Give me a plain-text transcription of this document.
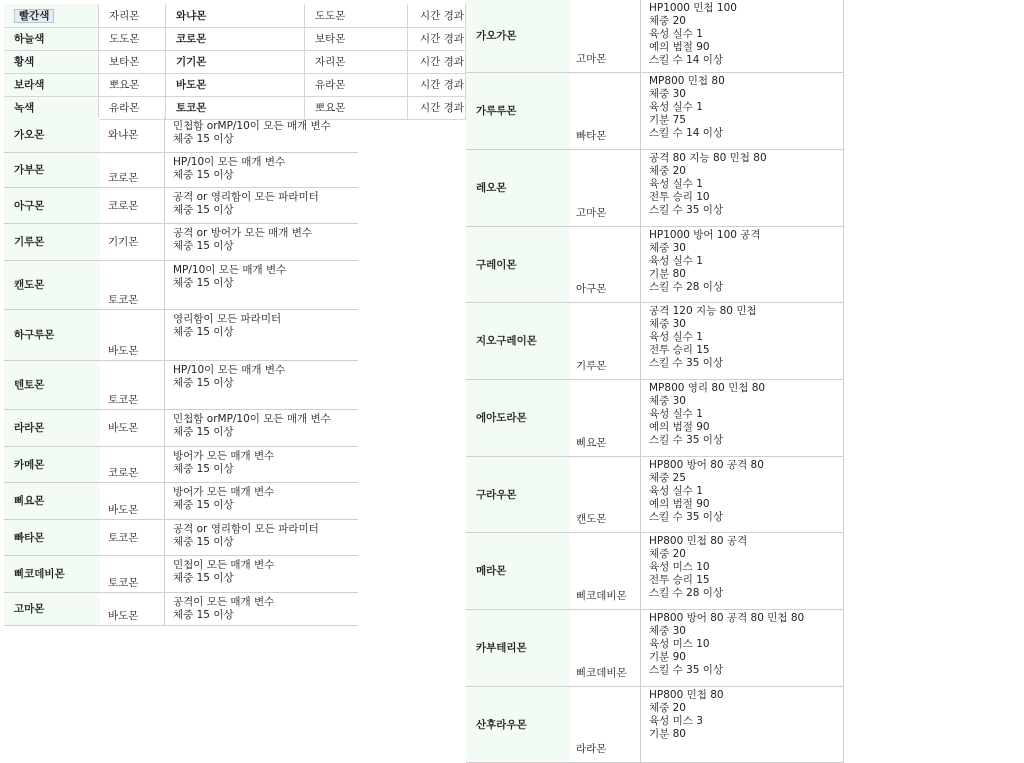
빨간색	자리몬	와냐몬	도도몬	시간 경과
하늘색	도도몬	코로몬	보타몬	시간 경과
황색	보타몬	기기몬	자리몬	시간 경과
보라색	뽀요몬	바도몬	유라몬	시간 경과
녹색	유라몬	토코몬	뽀요몬	시간 경과
가오몬	와냐몬	민첩함 orMP/10이 모든 매개 변수
체중 15 이상

가부몬	코로몬	HP/10이 모든 매개 변수
체중 15 이상

아구몬	코로몬	공격 or 영리함이 모든 파라미터
체중 15 이상

기루몬	기기몬	공격 or 방어가 모든 매개 변수
체중 15 이상

캔도몬	토코몬	MP/10이 모든 매개 변수
체중 15 이상

하구루몬	바도몬	영리함이 모든 파라미터
체중 15 이상

텐토몬	토코몬	HP/10이 모든 매개 변수
체중 15 이상

라라몬	바도몬	민첩함 orMP/10이 모든 매개 변수
체중 15 이상

카메몬	코로몬	방어가 모든 매개 변수
체중 15 이상

삐요몬	바도몬	방어가 모든 매개 변수
체중 15 이상

빠타몬	토코몬	공격 or 영리함이 모든 파라미터
체중 15 이상

삐코데비몬	토코몬	민첩이 모든 매개 변수
체중 15 이상

고마몬	바도몬	공격이 모든 매개 변수
체중 15 이상
가오가몬	고마몬	HP1000 민첩 100
체중 20
육성 실수 1
예의 범절 90
스킬 수 14 이상

가루루몬	빠타몬	MP800 민첩 80
체중 30
육성 실수 1
기분 75
스킬 수 14 이상

레오몬	고마몬	공격 80 지능 80 민첩 80
체중 20
육성 실수 1
전투 승리 10
스킬 수 35 이상

구레이몬	아구몬	HP1000 방어 100 공격
체중 30
육성 실수 1
기분 80
스킬 수 28 이상

지오구레이몬	기루몬	공격 120 지능 80 민첩
체중 30
육성 실수 1
전투 승리 15
스킬 수 35 이상

에아도라몬	삐요몬	MP800 영리 80 민첩 80
체중 30
육성 실수 1
예의 범절 90
스킬 수 35 이상

구라우몬	캔도몬	HP800 방어 80 공격 80
체중 25
육성 실수 1
예의 범절 90
스킬 수 35 이상

메라몬	삐코데비몬	HP800 민첩 80 공격
체중 20
육성 미스 10
전투 승리 15
스킬 수 28 이상

카부테리몬	삐코데비몬	HP800 방어 80 공격 80 민첩 80
체중 30
육성 미스 10
기분 90
스킬 수 35 이상

산후라우몬	라라몬	HP800 민첩 80
체중 20
육성 미스 3
기분 80
